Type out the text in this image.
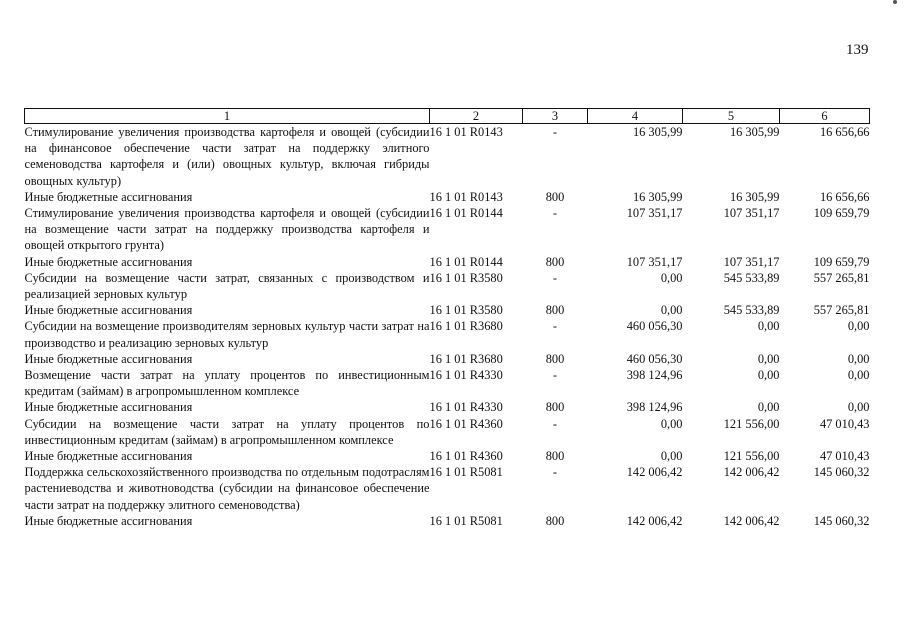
139
1	2	3	4	5	6
Стимулирование увеличения производства картофеля и овощей (субсидии на финансовое обеспечение части затрат на поддержку элитного семеноводства картофеля и (или) овощных культур, включая гибриды овощных культур)	16 1 01 R0143	-	16 305,99	16 305,99	16 656,66
Иные бюджетные ассигнования	16 1 01 R0143	800	16 305,99	16 305,99	16 656,66
Стимулирование увеличения производства картофеля и овощей (субсидии на возмещение части затрат на поддержку производства картофеля и овощей открытого грунта)	16 1 01 R0144	-	107 351,17	107 351,17	109 659,79
Иные бюджетные ассигнования	16 1 01 R0144	800	107 351,17	107 351,17	109 659,79
Субсидии на возмещение части затрат, связанных с производством и реализацией зерновых культур	16 1 01 R3580	-	0,00	545 533,89	557 265,81
Иные бюджетные ассигнования	16 1 01 R3580	800	0,00	545 533,89	557 265,81
Субсидии на возмещение производителям зерновых культур части затрат на производство и реализацию зерновых культур	16 1 01 R3680	-	460 056,30	0,00	0,00
Иные бюджетные ассигнования	16 1 01 R3680	800	460 056,30	0,00	0,00
Возмещение части затрат на уплату процентов по инвестиционным кредитам (займам) в агропромышленном комплексе	16 1 01 R4330	-	398 124,96	0,00	0,00
Иные бюджетные ассигнования	16 1 01 R4330	800	398 124,96	0,00	0,00
Субсидии на возмещение части затрат на уплату процентов по инвестиционным кредитам (займам) в агропромышленном комплексе	16 1 01 R4360	-	0,00	121 556,00	47 010,43
Иные бюджетные ассигнования	16 1 01 R4360	800	0,00	121 556,00	47 010,43
Поддержка сельскохозяйственного производства по отдельным подотраслям растениеводства и животноводства (субсидии на финансовое обеспечение части затрат на поддержку элитного семеноводства)	16 1 01 R5081	-	142 006,42	142 006,42	145 060,32
Иные бюджетные ассигнования	16 1 01 R5081	800	142 006,42	142 006,42	145 060,32
